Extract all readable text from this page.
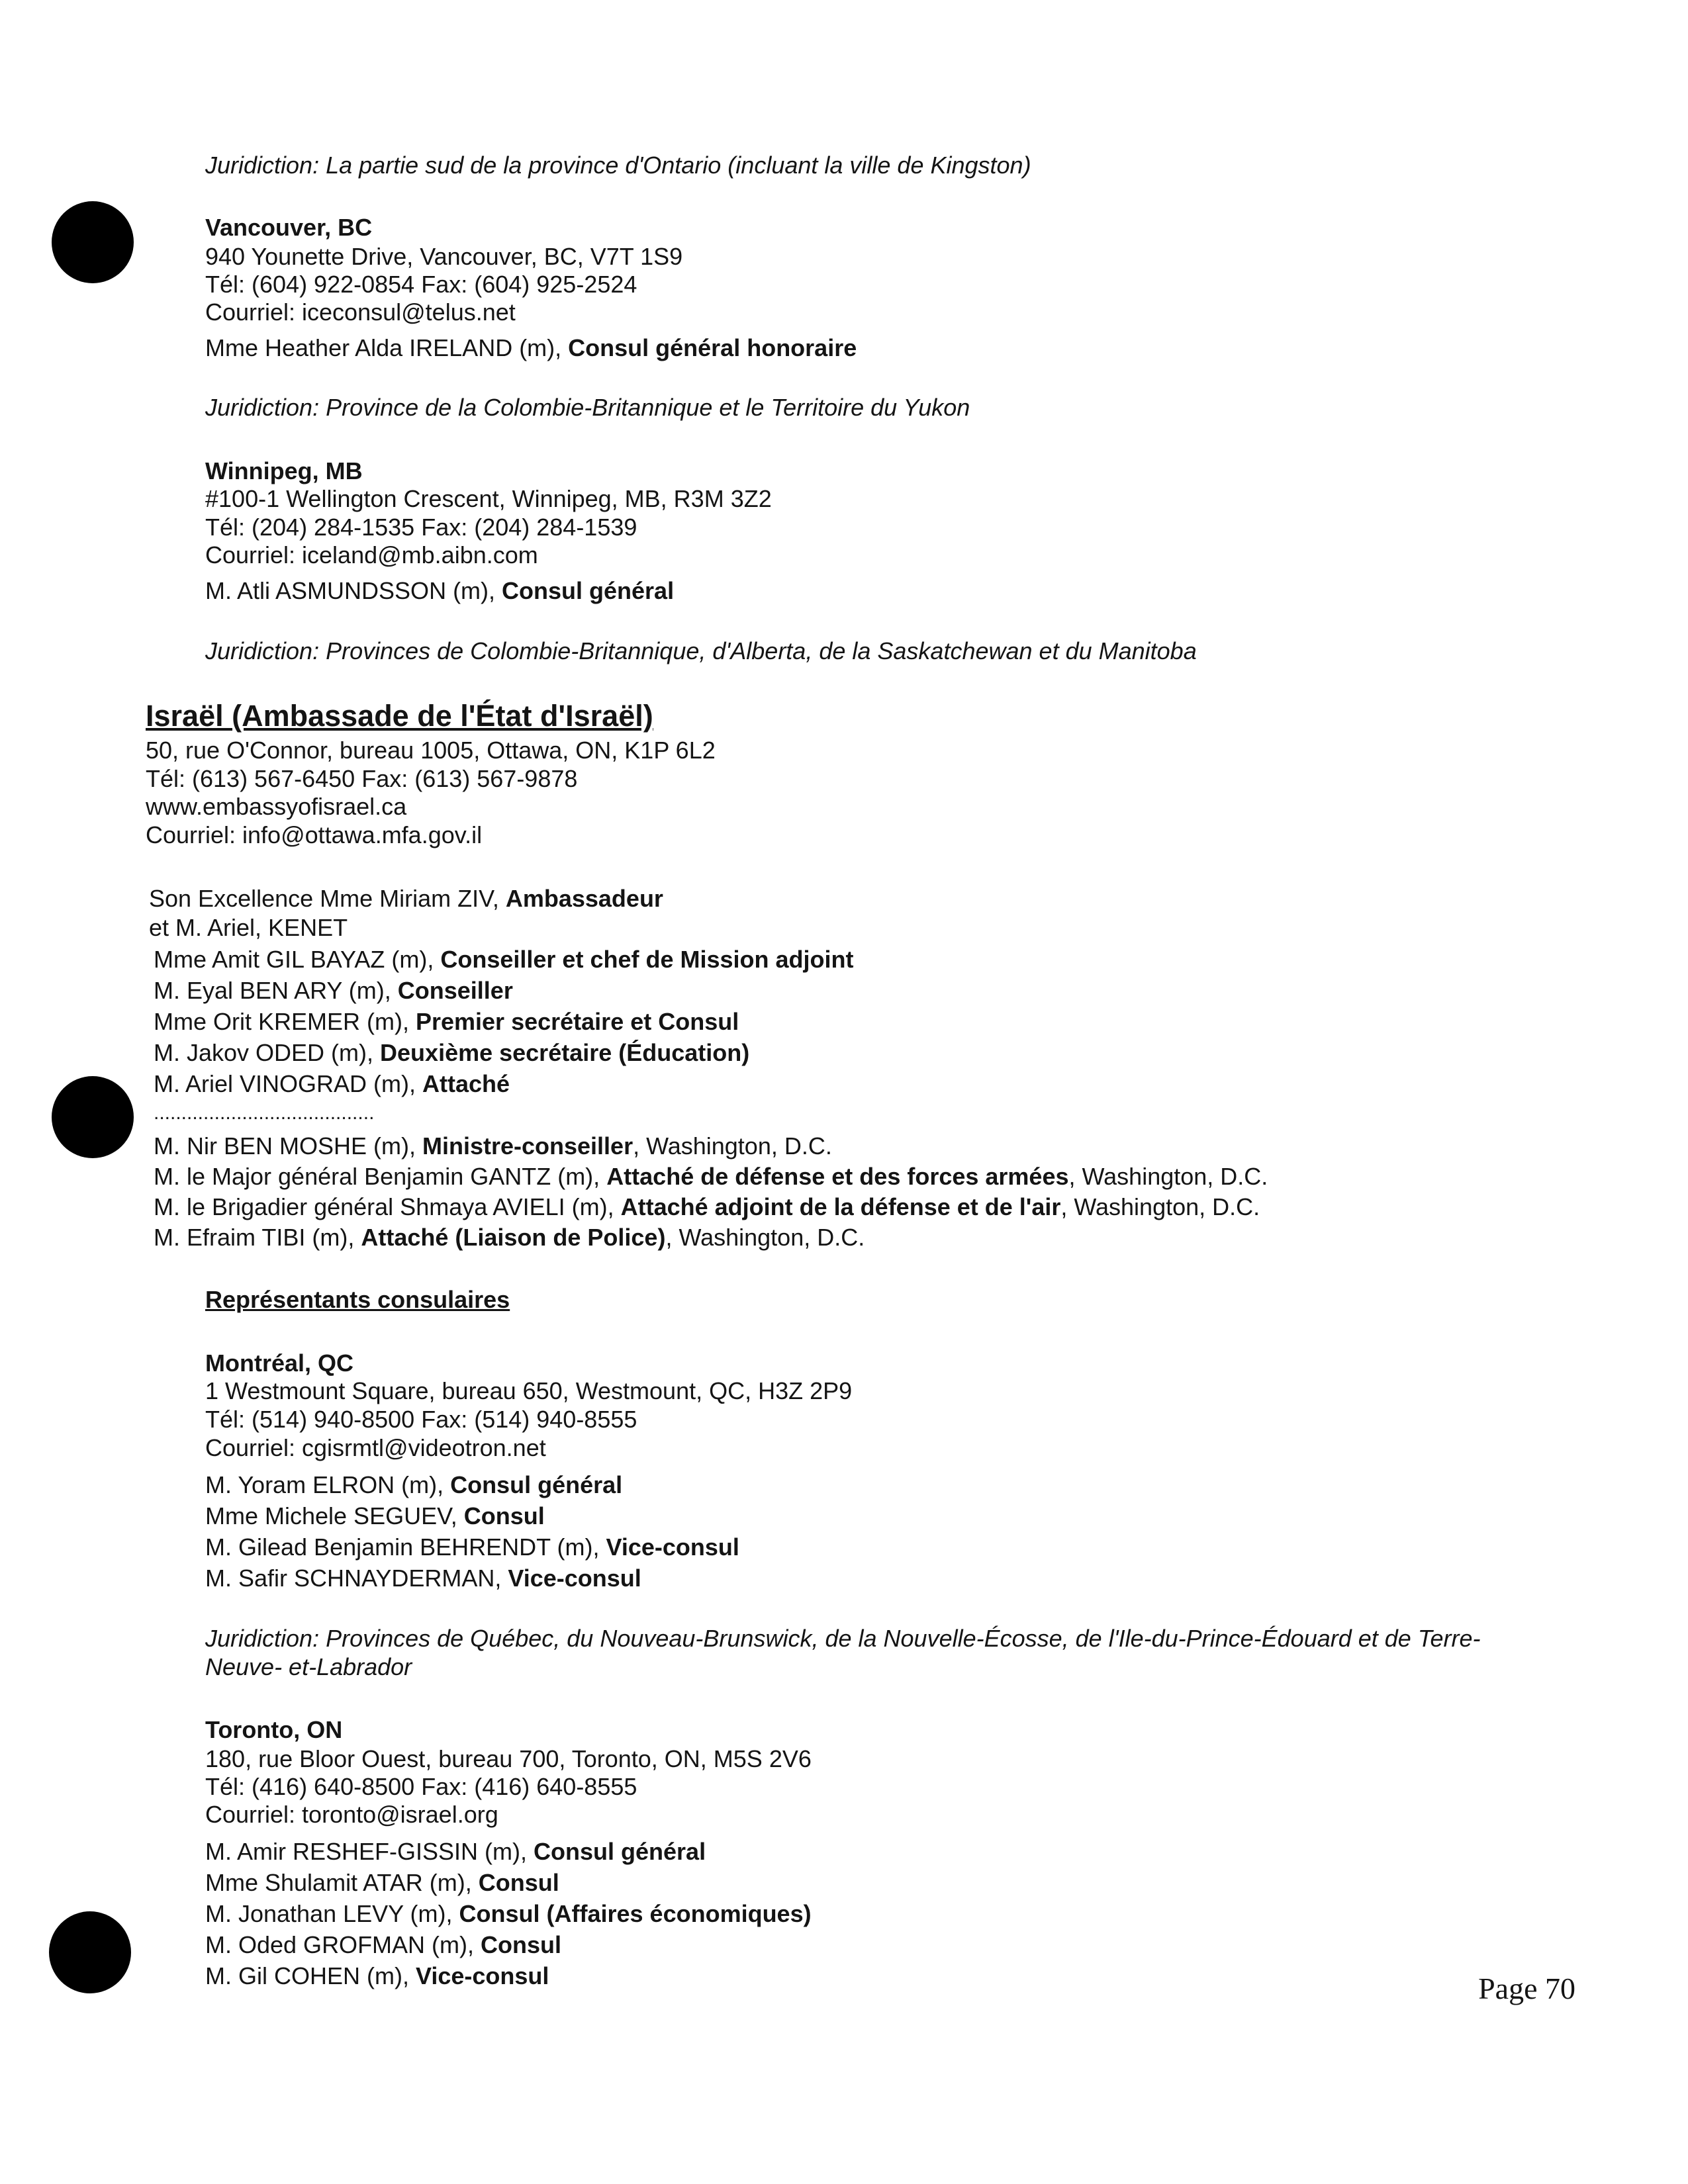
Juridiction: La partie sud de la province d'Ontario (incluant la ville de Kingston)
Vancouver, BC
940 Younette Drive, Vancouver, BC, V7T 1S9
Tél: (604) 922-0854 Fax: (604) 925-2524
Courriel: iceconsul@telus.net
Mme Heather Alda IRELAND (m), Consul général honoraire
Juridiction: Province de la Colombie-Britannique et le Territoire du Yukon
Winnipeg, MB
#100-1 Wellington Crescent, Winnipeg, MB, R3M 3Z2
Tél: (204) 284-1535 Fax: (204) 284-1539
Courriel: iceland@mb.aibn.com
M. Atli ASMUNDSSON (m), Consul général
Juridiction: Provinces de Colombie-Britannique, d'Alberta, de la Saskatchewan et du Manitoba
Israël (Ambassade de l'État d'Israël)
50, rue O'Connor, bureau 1005, Ottawa, ON, K1P 6L2
Tél: (613) 567-6450 Fax: (613) 567-9878
www.embassyofisrael.ca
Courriel: info@ottawa.mfa.gov.il
Son Excellence Mme Miriam ZIV, Ambassadeur
et M. Ariel, KENET
Mme Amit GIL BAYAZ (m), Conseiller et chef de Mission adjoint
M. Eyal BEN ARY (m), Conseiller
Mme Orit KREMER (m), Premier secrétaire et Consul
M. Jakov ODED (m), Deuxième secrétaire (Éducation)
M. Ariel VINOGRAD (m), Attaché
........................................
M. Nir BEN MOSHE (m), Ministre-conseiller, Washington, D.C.
M. le Major général Benjamin GANTZ (m), Attaché de défense et des forces armées, Washington, D.C.
M. le Brigadier général Shmaya AVIELI (m), Attaché adjoint de la défense et de l'air, Washington, D.C.
M. Efraim TIBI (m), Attaché (Liaison de Police), Washington, D.C.
Représentants consulaires
Montréal, QC
1 Westmount Square, bureau 650, Westmount, QC, H3Z 2P9
Tél: (514) 940-8500 Fax: (514) 940-8555
Courriel: cgisrmtl@videotron.net
M. Yoram ELRON (m), Consul général
Mme Michele SEGUEV, Consul
M. Gilead Benjamin BEHRENDT (m), Vice-consul
M. Safir SCHNAYDERMAN, Vice-consul
Juridiction: Provinces de Québec, du Nouveau-Brunswick, de la Nouvelle-Écosse, de l'Ile-du-Prince-Édouard et de Terre-
Neuve- et-Labrador
Toronto, ON
180, rue Bloor Ouest, bureau 700, Toronto, ON, M5S 2V6
Tél: (416) 640-8500 Fax: (416) 640-8555
Courriel: toronto@israel.org
M. Amir RESHEF-GISSIN (m), Consul général
Mme Shulamit ATAR (m), Consul
M. Jonathan LEVY (m), Consul (Affaires économiques)
M. Oded GROFMAN (m), Consul
M. Gil COHEN (m), Vice-consul	Page 70
